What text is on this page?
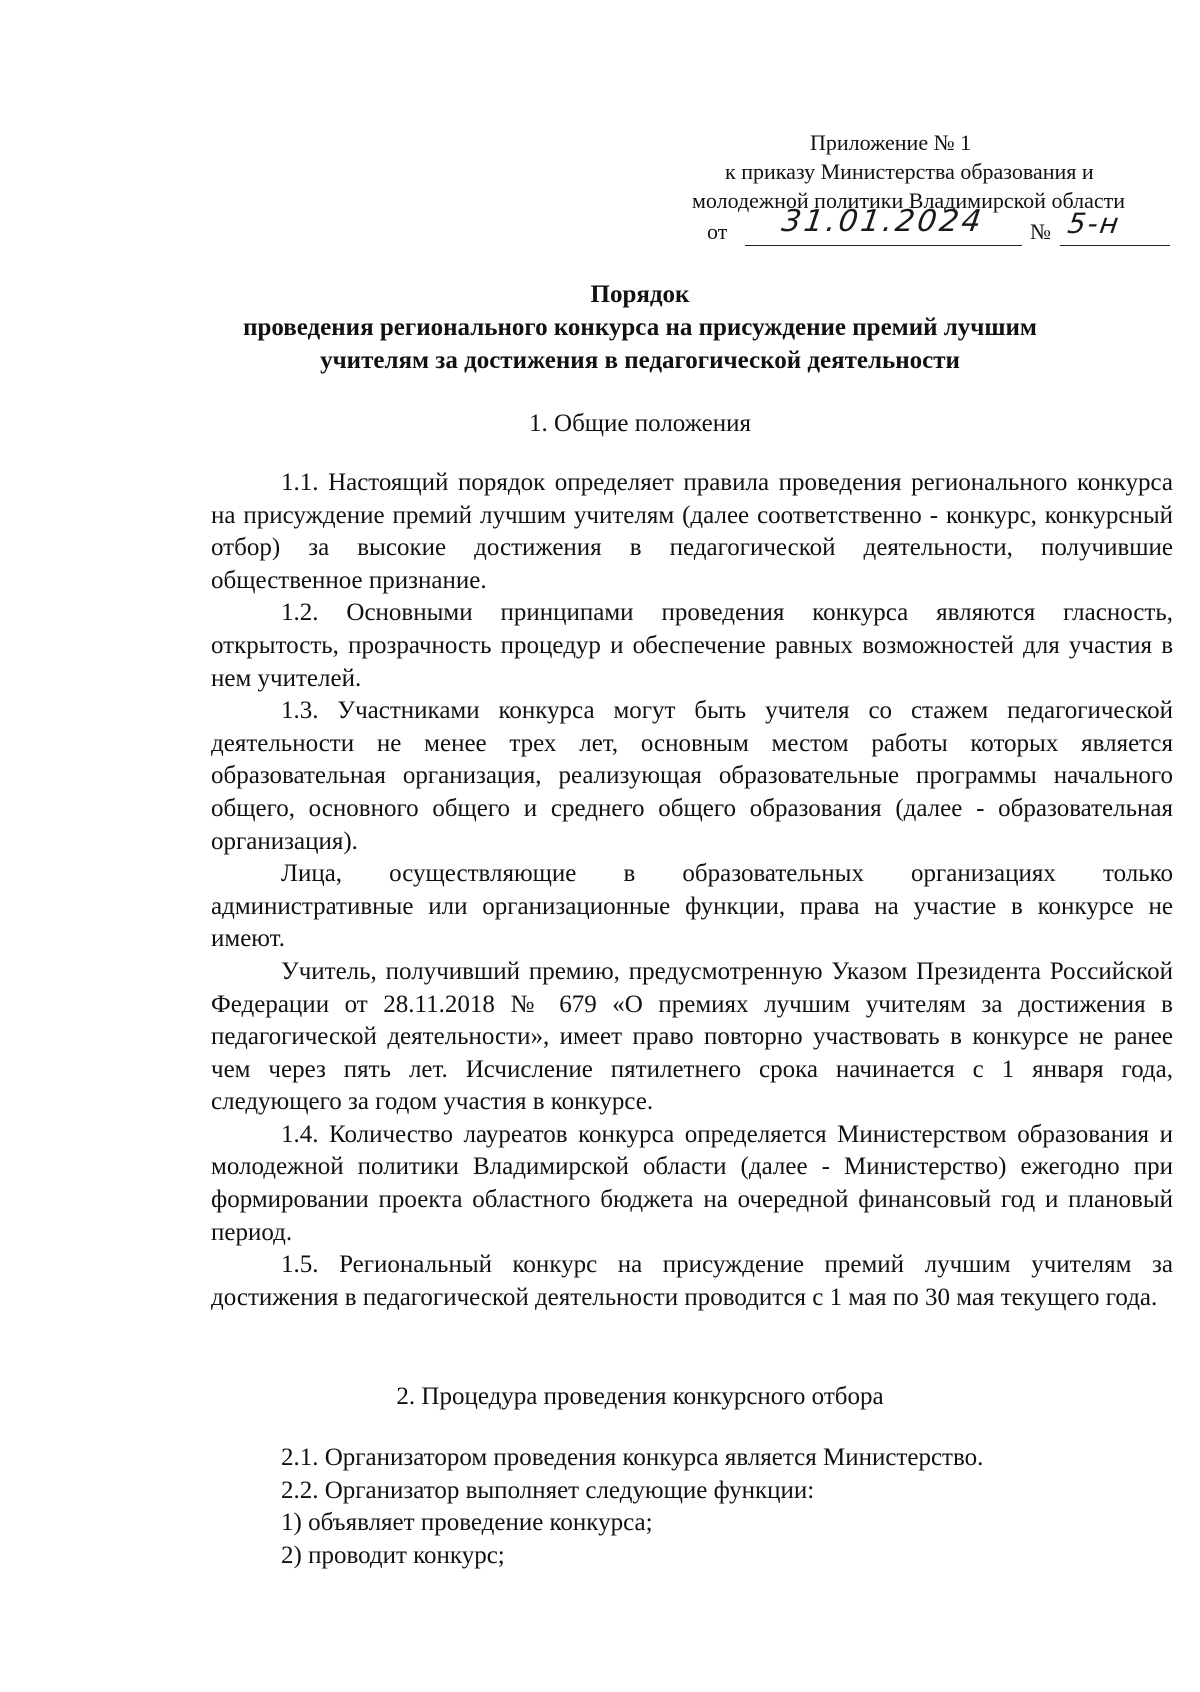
Приложение № 1
к приказу Министерства образования и
молодежной политики Владимирской области
от 31.01.2024 № 5-н
Порядок
проведения регионального конкурса на присуждение премий лучшим
учителям за достижения в педагогической деятельности
1. Общие положения

1.1. Настоящий порядок определяет правила проведения регионального конкурса на присуждение премий лучшим учителям (далее соответственно - конкурс, конкурсный отбор) за высокие достижения в педагогической деятельности, получившие общественное признание.

1.2. Основными принципами проведения конкурса являются гласность, открытость, прозрачность процедур и обеспечение равных возможностей для участия в нем учителей.

1.3. Участниками конкурса могут быть учителя со стажем педагогической деятельности не менее трех лет, основным местом работы которых является образовательная организация, реализующая образовательные программы начального общего, основного общего и среднего общего образования (далее - образовательная организация).

Лица, осуществляющие в образовательных организациях только административные или организационные функции, права на участие в конкурсе не имеют.

Учитель, получивший премию, предусмотренную Указом Президента Российской Федерации от 28.11.2018 № 679 «О премиях лучшим учителям за достижения в педагогической деятельности», имеет право повторно участвовать в конкурсе не ранее чем через пять лет. Исчисление пятилетнего срока начинается с 1 января года, следующего за годом участия в конкурсе.

1.4. Количество лауреатов конкурса определяется Министерством образования и молодежной политики Владимирской области (далее - Министерство) ежегодно при формировании проекта областного бюджета на очередной финансовый год и плановый период.

1.5. Региональный конкурс на присуждение премий лучшим учителям за достижения в педагогической деятельности проводится с 1 мая по 30 мая текущего года.

2. Процедура проведения конкурсного отбора

2.1. Организатором проведения конкурса является Министерство.

2.2. Организатор выполняет следующие функции:

1) объявляет проведение конкурса;

2) проводит конкурс;
